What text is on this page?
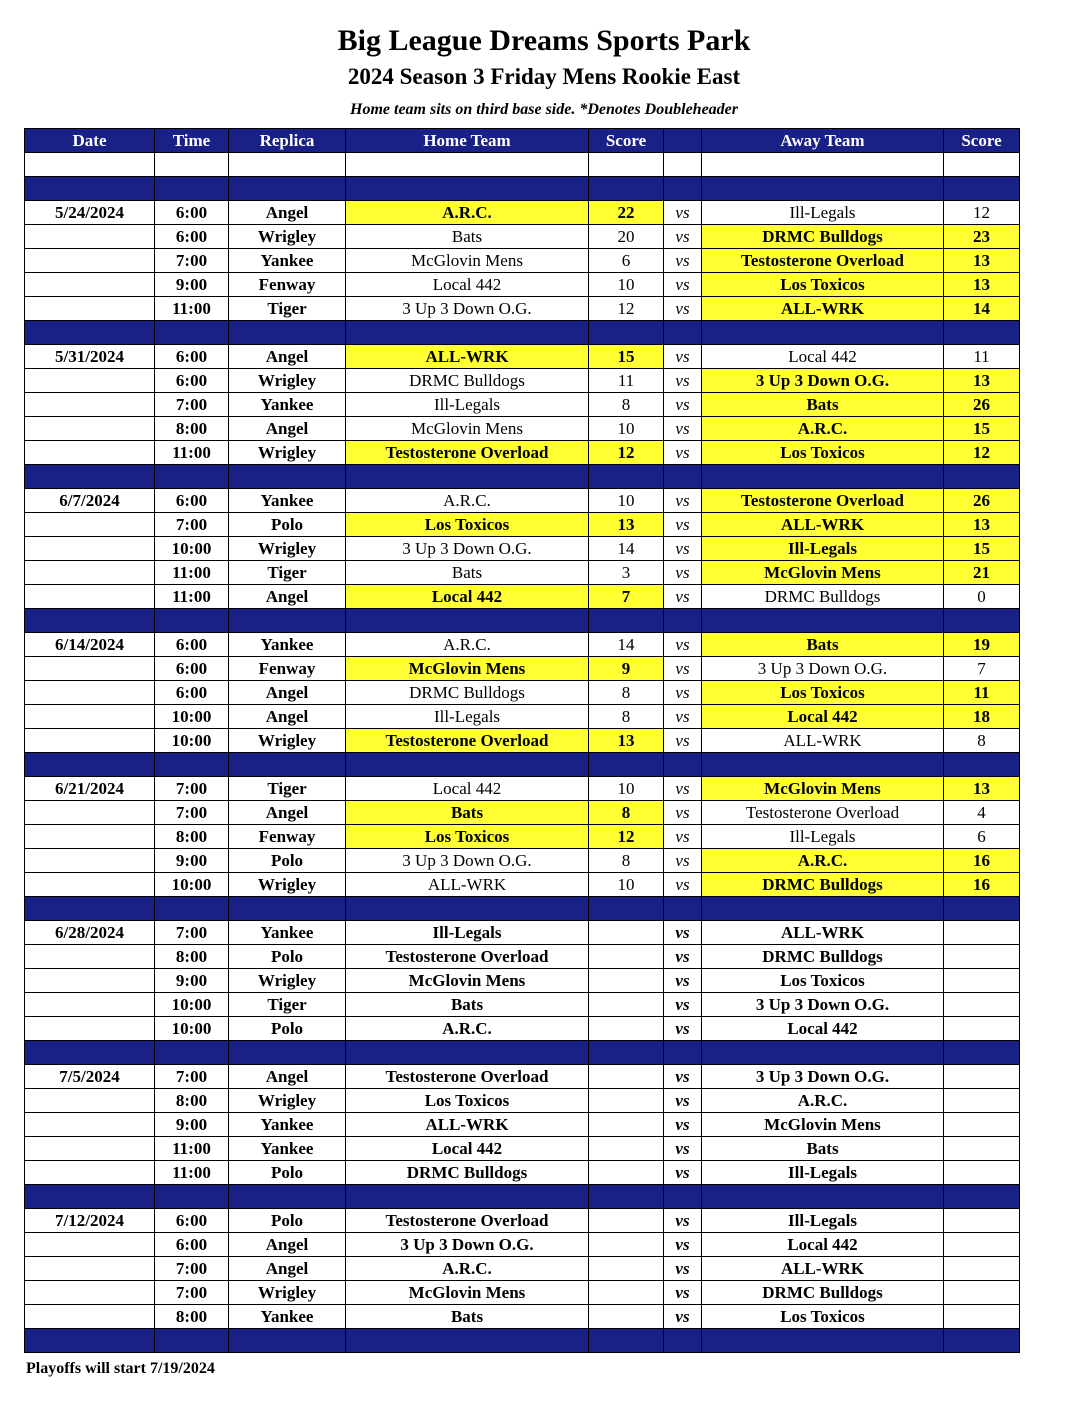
Big League Dreams Sports Park
2024 Season 3 Friday Mens Rookie East
Home team sits on third base side. *Denotes Doubleheader
Date	Time	Replica	Home Team	Score		Away Team	Score

5/24/2024	6:00	Angel	A.R.C.	22	vs	Ill-Legals	12
	6:00	Wrigley	Bats	20	vs	DRMC Bulldogs	23
	7:00	Yankee	McGlovin Mens	6	vs	Testosterone Overload	13
	9:00	Fenway	Local 442	10	vs	Los Toxicos	13
	11:00	Tiger	3 Up 3 Down O.G.	12	vs	ALL-WRK	14

5/31/2024	6:00	Angel	ALL-WRK	15	vs	Local 442	11
	6:00	Wrigley	DRMC Bulldogs	11	vs	3 Up 3 Down O.G.	13
	7:00	Yankee	Ill-Legals	8	vs	Bats	26
	8:00	Angel	McGlovin Mens	10	vs	A.R.C.	15
	11:00	Wrigley	Testosterone Overload	12	vs	Los Toxicos	12

6/7/2024	6:00	Yankee	A.R.C.	10	vs	Testosterone Overload	26
	7:00	Polo	Los Toxicos	13	vs	ALL-WRK	13
	10:00	Wrigley	3 Up 3 Down O.G.	14	vs	Ill-Legals	15
	11:00	Tiger	Bats	3	vs	McGlovin Mens	21
	11:00	Angel	Local 442	7	vs	DRMC Bulldogs	0

6/14/2024	6:00	Yankee	A.R.C.	14	vs	Bats	19
	6:00	Fenway	McGlovin Mens	9	vs	3 Up 3 Down O.G.	7
	6:00	Angel	DRMC Bulldogs	8	vs	Los Toxicos	11
	10:00	Angel	Ill-Legals	8	vs	Local 442	18
	10:00	Wrigley	Testosterone Overload	13	vs	ALL-WRK	8

6/21/2024	7:00	Tiger	Local 442	10	vs	McGlovin Mens	13
	7:00	Angel	Bats	8	vs	Testosterone Overload	4
	8:00	Fenway	Los Toxicos	12	vs	Ill-Legals	6
	9:00	Polo	3 Up 3 Down O.G.	8	vs	A.R.C.	16
	10:00	Wrigley	ALL-WRK	10	vs	DRMC Bulldogs	16

6/28/2024	7:00	Yankee	Ill-Legals		vs	ALL-WRK	
	8:00	Polo	Testosterone Overload		vs	DRMC Bulldogs	
	9:00	Wrigley	McGlovin Mens		vs	Los Toxicos	
	10:00	Tiger	Bats		vs	3 Up 3 Down O.G.	
	10:00	Polo	A.R.C.		vs	Local 442	

7/5/2024	7:00	Angel	Testosterone Overload		vs	3 Up 3 Down O.G.	
	8:00	Wrigley	Los Toxicos		vs	A.R.C.	
	9:00	Yankee	ALL-WRK		vs	McGlovin Mens	
	11:00	Yankee	Local 442		vs	Bats	
	11:00	Polo	DRMC Bulldogs		vs	Ill-Legals	

7/12/2024	6:00	Polo	Testosterone Overload		vs	Ill-Legals	
	6:00	Angel	3 Up 3 Down O.G.		vs	Local 442	
	7:00	Angel	A.R.C.		vs	ALL-WRK	
	7:00	Wrigley	McGlovin Mens		vs	DRMC Bulldogs	
	8:00	Yankee	Bats		vs	Los Toxicos	

Playoffs will start 7/19/2024
